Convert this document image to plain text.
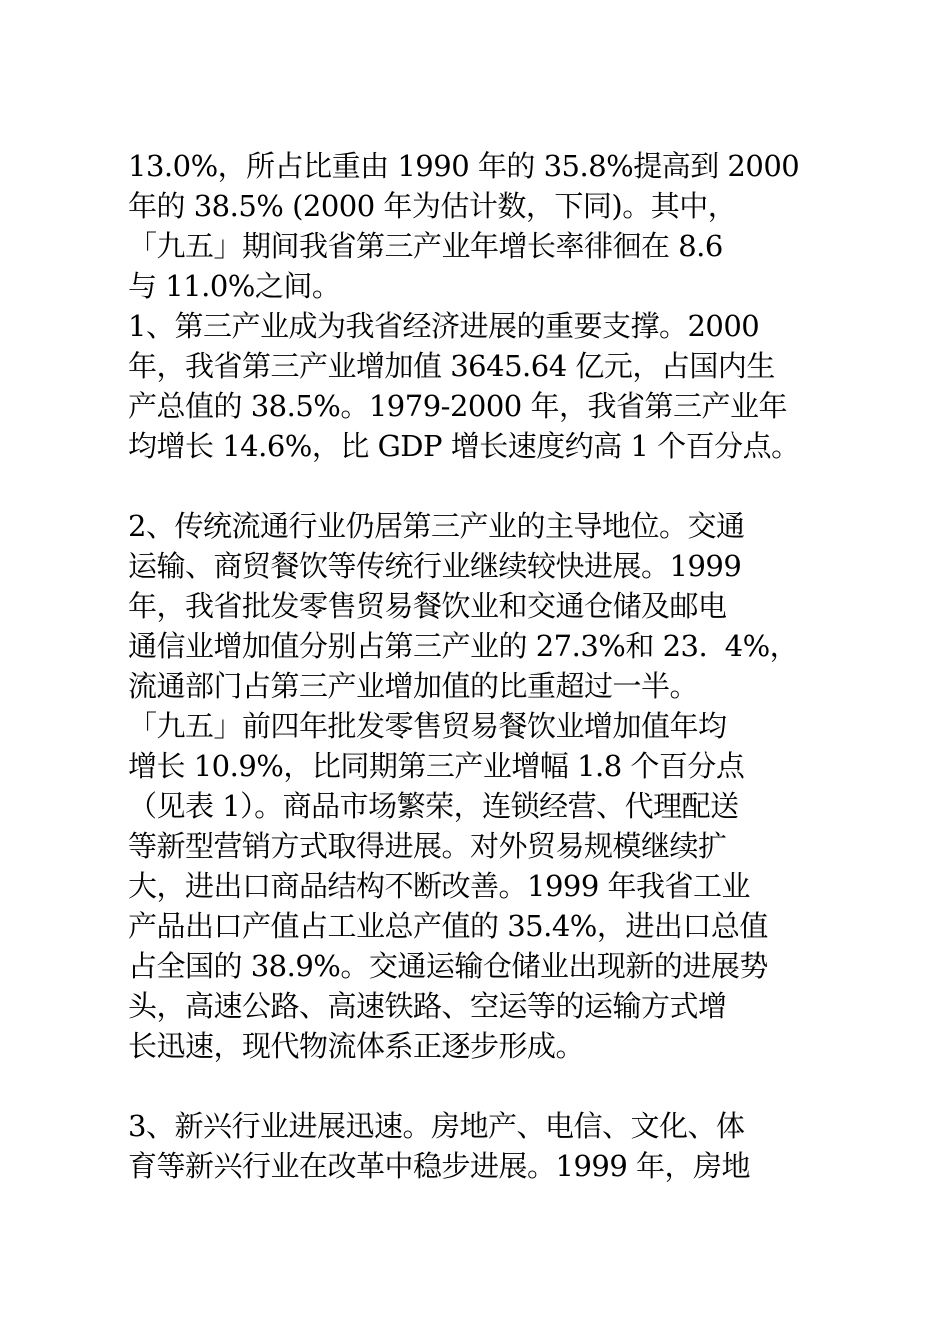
13.0%，所占比重由 1990 年的 35.8%提高到 2000
年的 38.5% (2000 年为估计数，下同)。其中，
「九五」期间我省第三产业年增长率徘徊在 8.6
与 11.0%之间。
1、第三产业成为我省经济进展的重要支撑。2000
年，我省第三产业增加值 3645.64 亿元，占国内生
产总值的 38.5%。1979-2000 年，我省第三产业年
均增长 14.6%，比 GDP 增长速度约高 1 个百分点。
2、传统流通行业仍居第三产业的主导地位。交通
运输、商贸餐饮等传统行业继续较快进展。1999
年，我省批发零售贸易餐饮业和交通仓储及邮电
通信业增加值分别占第三产业的 27.3%和 23.  4%，
流通部门占第三产业增加值的比重超过一半。
「九五」前四年批发零售贸易餐饮业增加值年均
增长 10.9%，比同期第三产业增幅 1.8 个百分点
（见表 1）。商品市场繁荣，连锁经营、代理配送
等新型营销方式取得进展。对外贸易规模继续扩
大，进出口商品结构不断改善。1999 年我省工业
产品出口产值占工业总产值的 35.4%，进出口总值
占全国的 38.9%。交通运输仓储业出现新的进展势
头，高速公路、高速铁路、空运等的运输方式增
长迅速，现代物流体系正逐步形成。
3、新兴行业进展迅速。房地产、电信、文化、体
育等新兴行业在改革中稳步进展。1999 年，房地
